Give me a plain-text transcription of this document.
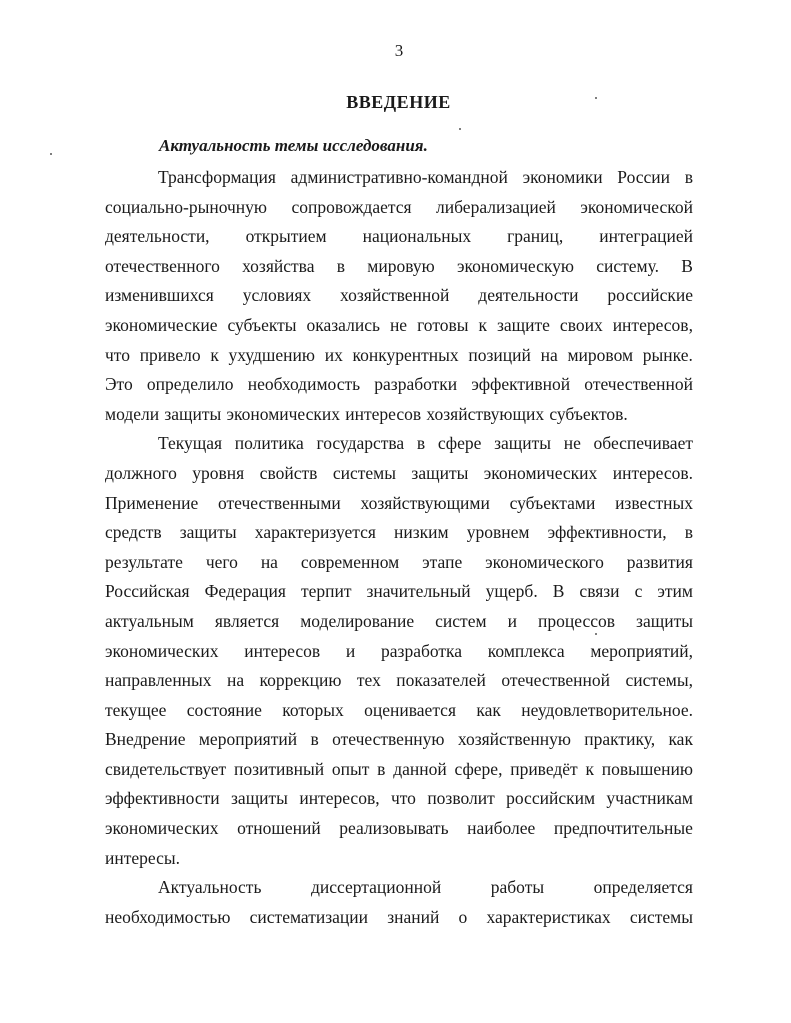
3
ВВЕДЕНИЕ
Актуальность темы исследования.
Трансформация административно-командной экономики России в
социально-рыночную сопровождается либерализацией экономической
деятельности, открытием национальных границ, интеграцией
отечественного хозяйства в мировую экономическую систему. В
изменившихся условиях хозяйственной деятельности российские
экономические субъекты оказались не готовы к защите своих интересов,
что привело к ухудшению их конкурентных позиций на мировом рынке.
Это определило необходимость разработки эффективной отечественной
модели защиты экономических интересов хозяйствующих субъектов.
Текущая политика государства в сфере защиты не обеспечивает
должного уровня свойств системы защиты экономических интересов.
Применение отечественными хозяйствующими субъектами известных
средств защиты характеризуется низким уровнем эффективности, в
результате чего на современном этапе экономического развития
Российская Федерация терпит значительный ущерб. В связи с этим
актуальным является моделирование систем и процессов защиты
экономических интересов и разработка комплекса мероприятий,
направленных на коррекцию тех показателей отечественной системы,
текущее состояние которых оценивается как неудовлетворительное.
Внедрение мероприятий в отечественную хозяйственную практику, как
свидетельствует позитивный опыт в данной сфере, приведёт к повышению
эффективности защиты интересов, что позволит российским участникам
экономических отношений реализовывать наиболее предпочтительные
интересы.
Актуальность	диссертационной	работы	определяется
необходимостью систематизации знаний о характеристиках системы
